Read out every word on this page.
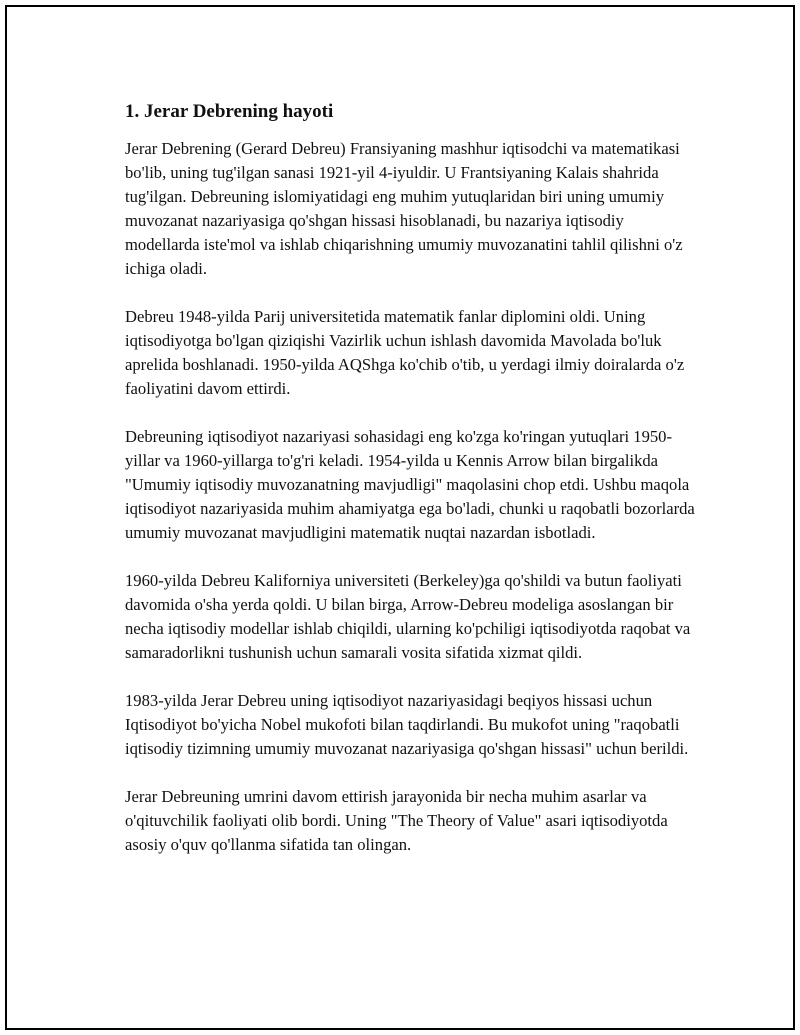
1. Jerar Debrening hayoti

Jerar Debrening (Gerard Debreu) Fransiyaning mashhur iqtisodchi va matematikasi bo'lib, uning tug'ilgan sanasi 1921-yil 4-iyuldir. U Frantsiyaning Kalais shahrida tug'ilgan. Debreuning islomiyatidagi eng muhim yutuqlaridan biri uning umumiy muvozanat nazariyasiga qo'shgan hissasi hisoblanadi, bu nazariya iqtisodiy modellarda iste'mol va ishlab chiqarishning umumiy muvozanatini tahlil qilishni o'z ichiga oladi.

Debreu 1948-yilda Parij universitetida matematik fanlar diplomini oldi. Uning iqtisodiyotga bo'lgan qiziqishi Vazirlik uchun ishlash davomida Mavolada bo'luk aprelida boshlanadi. 1950-yilda AQShga ko'chib o'tib, u yerdagi ilmiy doiralarda o'z faoliyatini davom ettirdi.

Debreuning iqtisodiyot nazariyasi sohasidagi eng ko'zga ko'ringan yutuqlari 1950-yillar va 1960-yillarga to'g'ri keladi. 1954-yilda u Kennis Arrow bilan birgalikda "Umumiy iqtisodiy muvozanatning mavjudligi" maqolasini chop etdi. Ushbu maqola iqtisodiyot nazariyasida muhim ahamiyatga ega bo'ladi, chunki u raqobatli bozorlarda umumiy muvozanat mavjudligini matematik nuqtai nazardan isbotladi.

1960-yilda Debreu Kaliforniya universiteti (Berkeley)ga qo'shildi va butun faoliyati davomida o'sha yerda qoldi. U bilan birga, Arrow-Debreu modeliga asoslangan bir necha iqtisodiy modellar ishlab chiqildi, ularning ko'pchiligi iqtisodiyotda raqobat va samaradorlikni tushunish uchun samarali vosita sifatida xizmat qildi.

1983-yilda Jerar Debreu uning iqtisodiyot nazariyasidagi beqiyos hissasi uchun Iqtisodiyot bo'yicha Nobel mukofoti bilan taqdirlandi. Bu mukofot uning "raqobatli iqtisodiy tizimning umumiy muvozanat nazariyasiga qo'shgan hissasi" uchun berildi.

Jerar Debreuning umrini davom ettirish jarayonida bir necha muhim asarlar va o'qituvchilik faoliyati olib bordi. Uning "The Theory of Value" asari iqtisodiyotda asosiy o'quv qo'llanma sifatida tan olingan.
